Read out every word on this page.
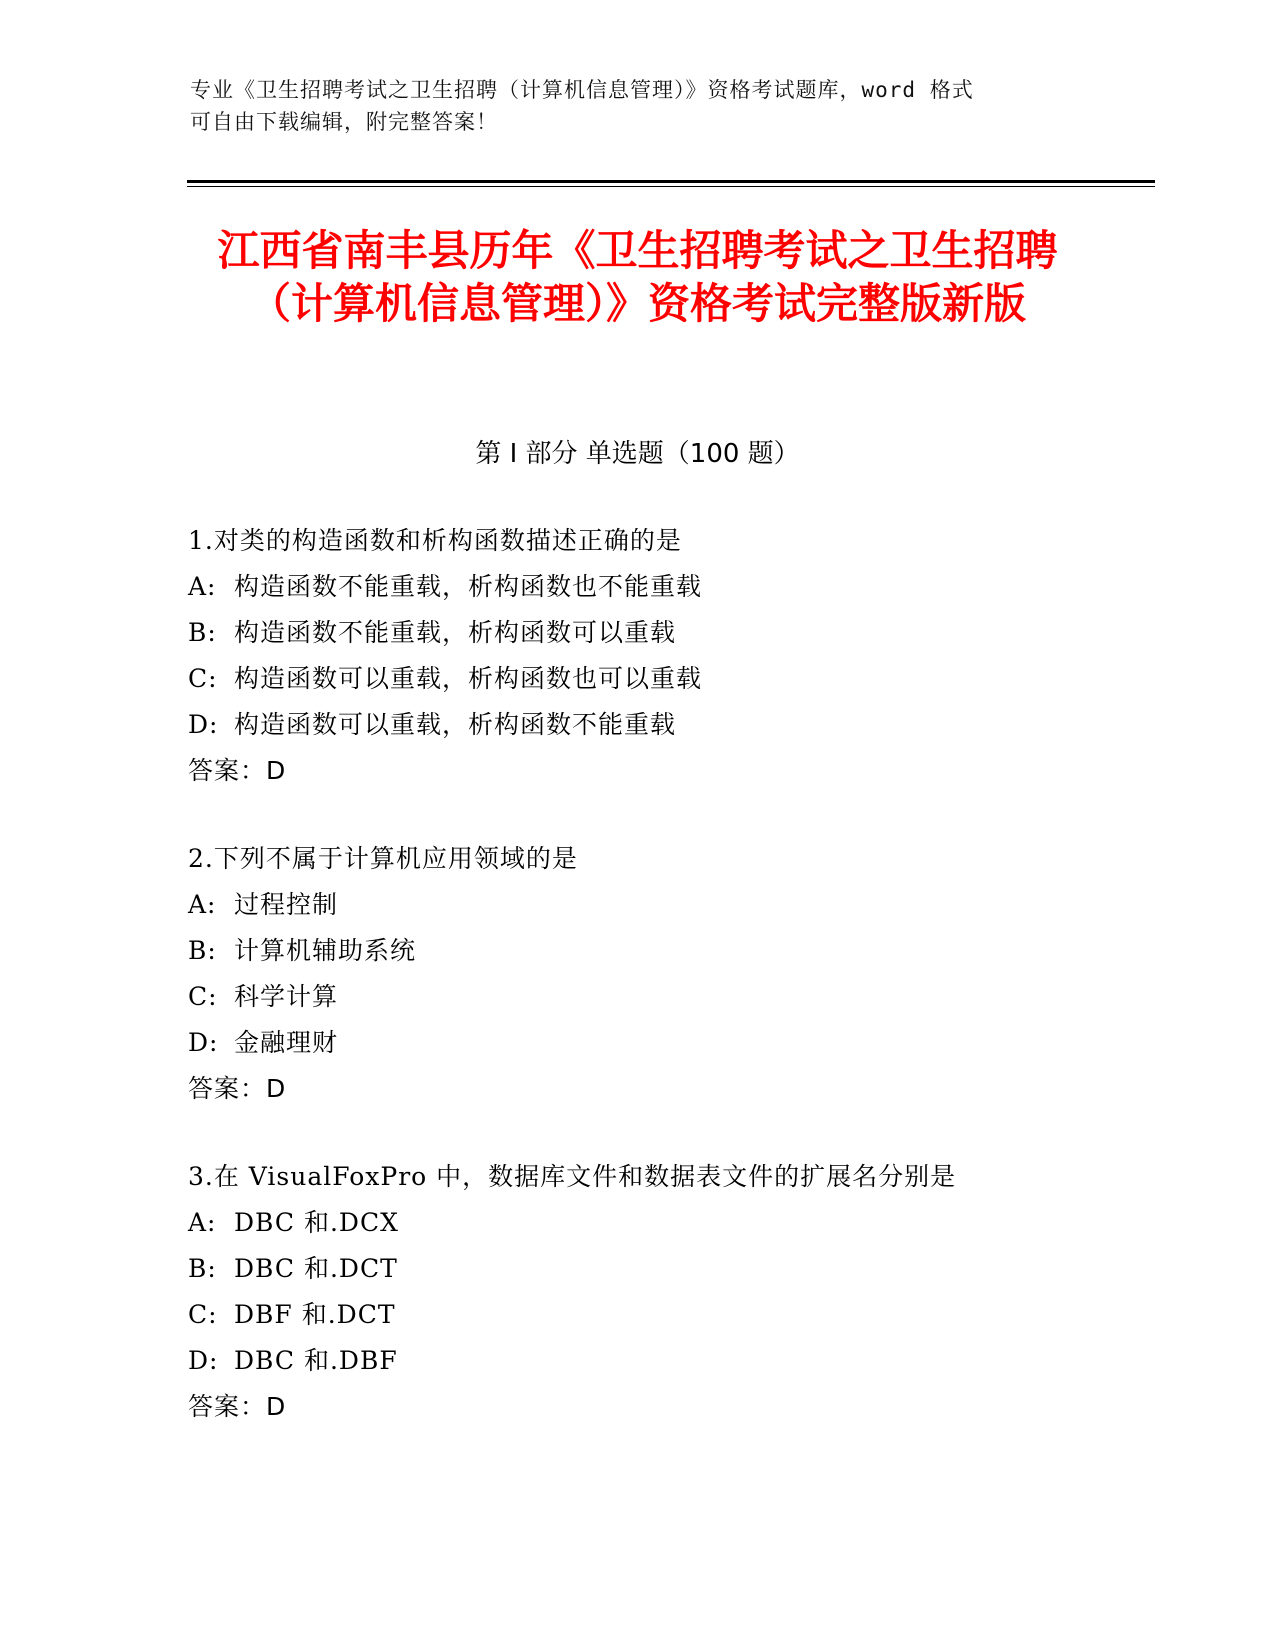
专业《卫生招聘考试之卫生招聘（计算机信息管理）》资格考试题库，word 格式
可自由下载编辑，附完整答案！
江西省南丰县历年《卫生招聘考试之卫生招聘（计算机信息管理）》资格考试完整版新版
第 I 部分 单选题（100 题）
1.对类的构造函数和析构函数描述正确的是
A: 构造函数不能重载，析构函数也不能重载
B: 构造函数不能重载，析构函数可以重载
C: 构造函数可以重载，析构函数也可以重载
D: 构造函数可以重载，析构函数不能重载
答案：D
2.下列不属于计算机应用领域的是
A: 过程控制
B: 计算机辅助系统
C: 科学计算
D: 金融理财
答案：D
3.在 VisualFoxPro 中，数据库文件和数据表文件的扩展名分别是
A: DBC 和.DCX
B: DBC 和.DCT
C: DBF 和.DCT
D: DBC 和.DBF
答案：D
